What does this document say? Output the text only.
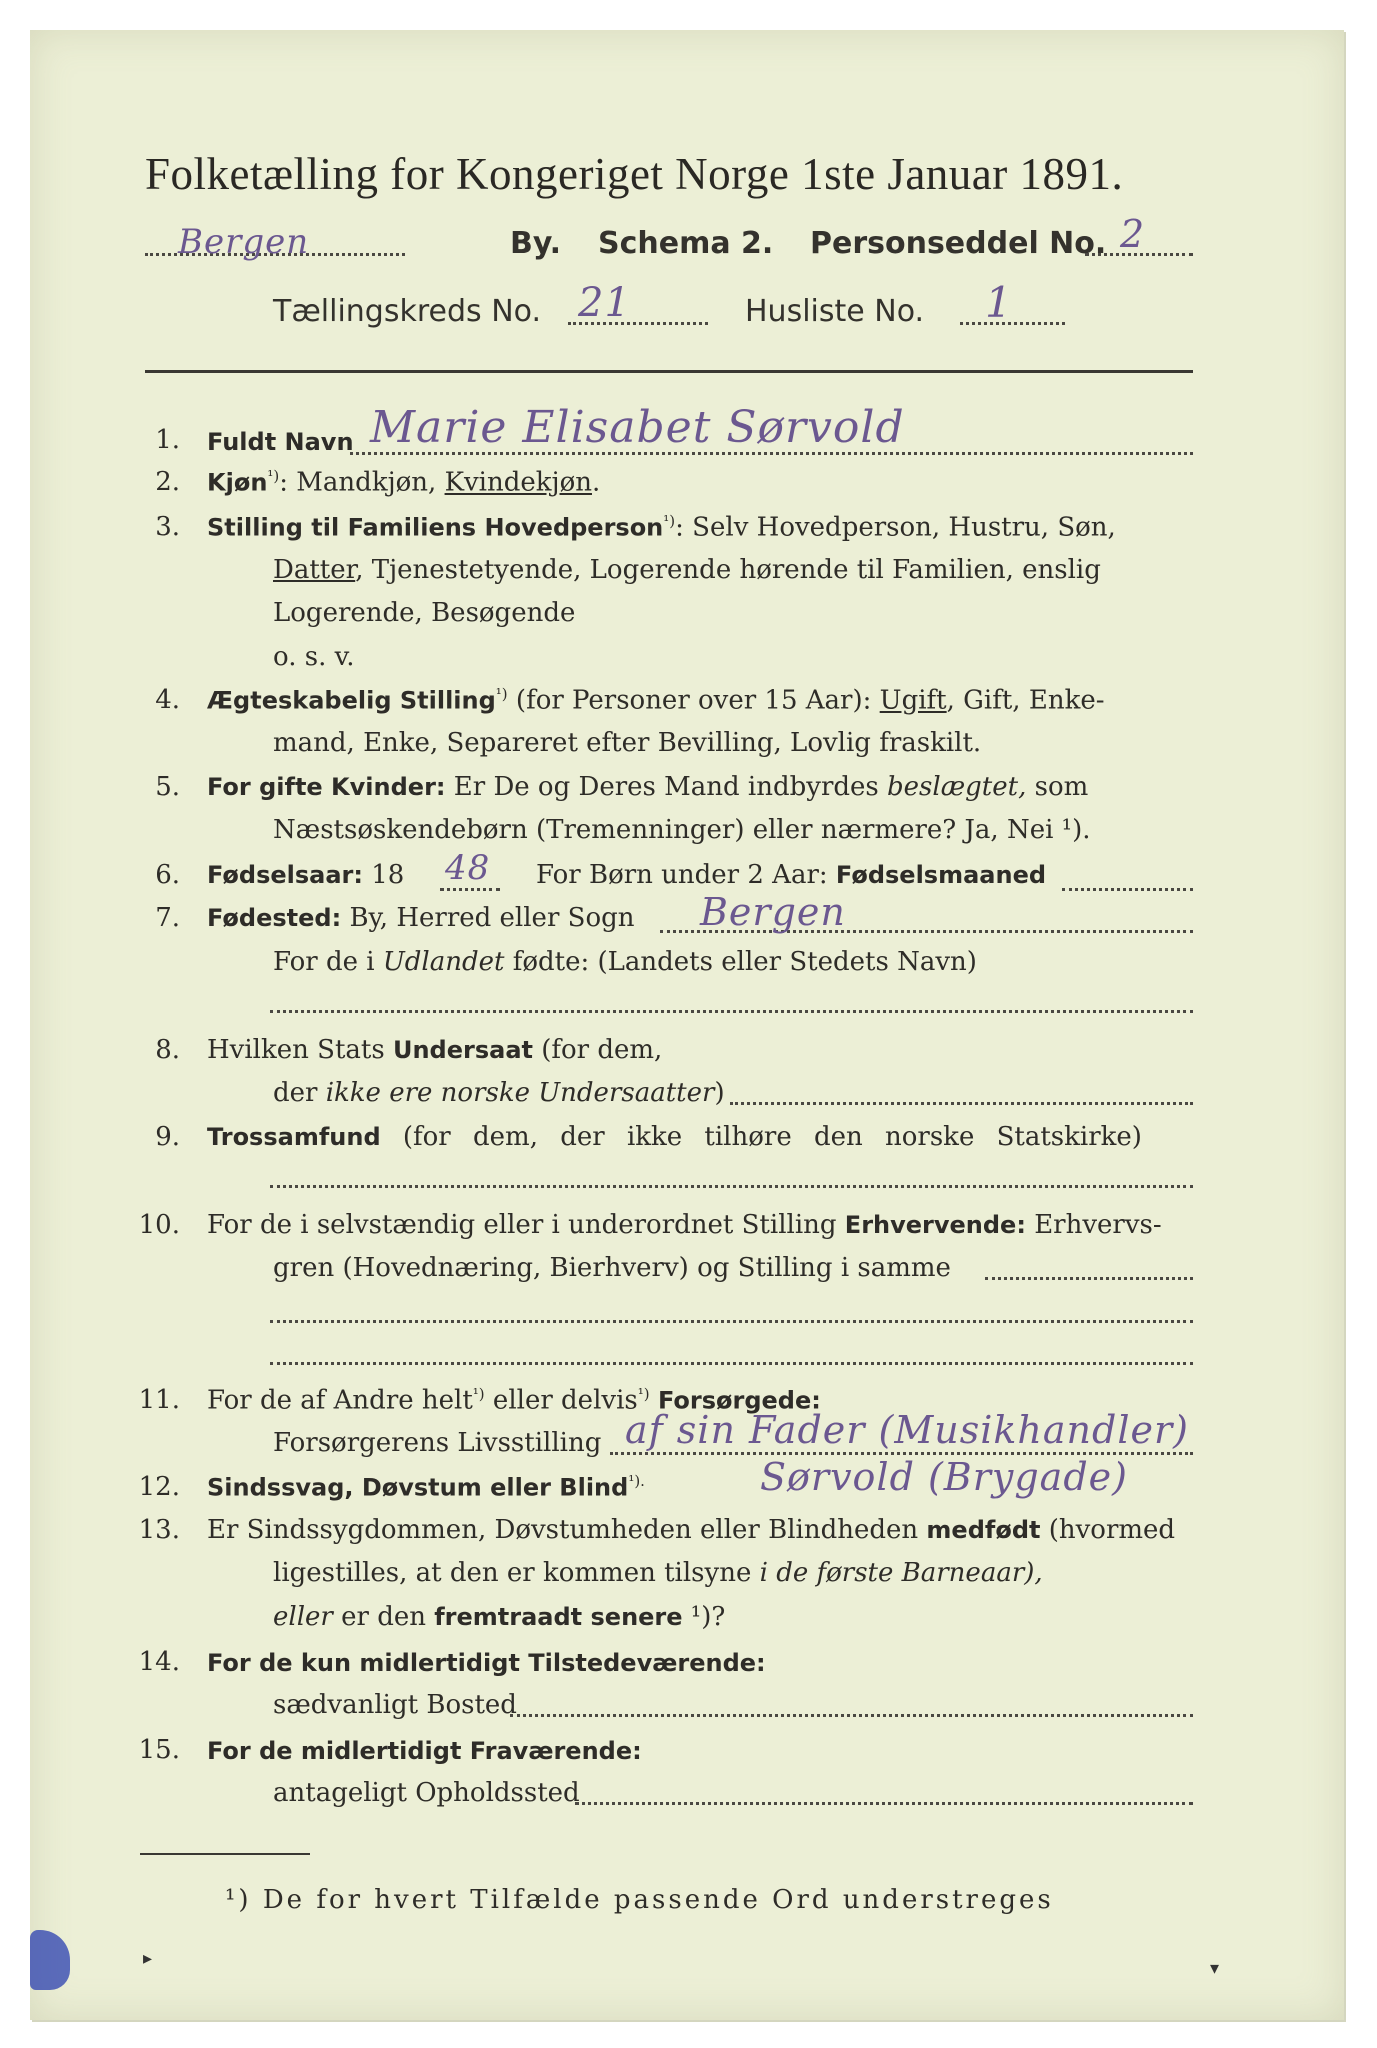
Folketælling for Kongeriget Norge 1ste Januar 1891.
Bergen	By. Schema 2. Personseddel No. 2
Tællingskreds No. 21	Husliste No. 1
1. Fuldt Navn Marie Elisabet Sørvold
2. Kjøn$^{^1)}$: Mandkjøn, Kvindekjøn.
3. Stilling til Familiens Hovedperson$^{^1)}$: Selv Hovedperson, Hustru, Søn,
Datter, Tjenestetyende, Logerende hørende til Familien, enslig
Logerende, Besøgende
o. s. v.
4. Ægteskabelig Stilling$^{^1)}$ (for Personer over 15 Aar): Ugift, Gift, Enke-
mand, Enke, Separeret efter Bevilling, Lovlig fraskilt.
5. For gifte Kvinder: Er De og Deres Mand indbyrdes beslægtet, som
Næstsøskendebørn (Tremenninger) eller nærmere? Ja, Nei ¹).
6. Fødselsaar: 18 48 For Børn under 2 Aar: Fødselsmaaned
7. Fødested: By, Herred eller Sogn Bergen
For de i Udlandet fødte: (Landets eller Stedets Navn)
8. Hvilken Stats Undersaat (for dem,
der ikke ere norske Undersaatter)
9. Trossamfund (for dem, der ikke tilhøre den norske Statskirke)
10. For de i selvstændig eller i underordnet Stilling Erhvervende: Erhvervs-
gren (Hovednæring, Bierhverv) og Stilling i samme
11. For de af Andre helt$^{^1)}$ eller delvis$^{^1)}$ Forsørgede:
Forsørgerens Livsstilling af sin Fader (Musikhandler)
12. Sindssvag, Døvstum eller Blind$^{^1).}$	Sørvold (Brygade)
13. Er Sindssygdommen, Døvstumheden eller Blindheden medfødt (hvormed
ligestilles, at den er kommen tilsyne i de første Barneaar),
eller er den fremtraadt senere ¹)?
14. For de kun midlertidigt Tilstedeværende:
sædvanligt Bosted
15. For de midlertidigt Fraværende:
antageligt Opholdssted
¹) De for hvert Tilfælde passende Ord understreges
▸	▾
